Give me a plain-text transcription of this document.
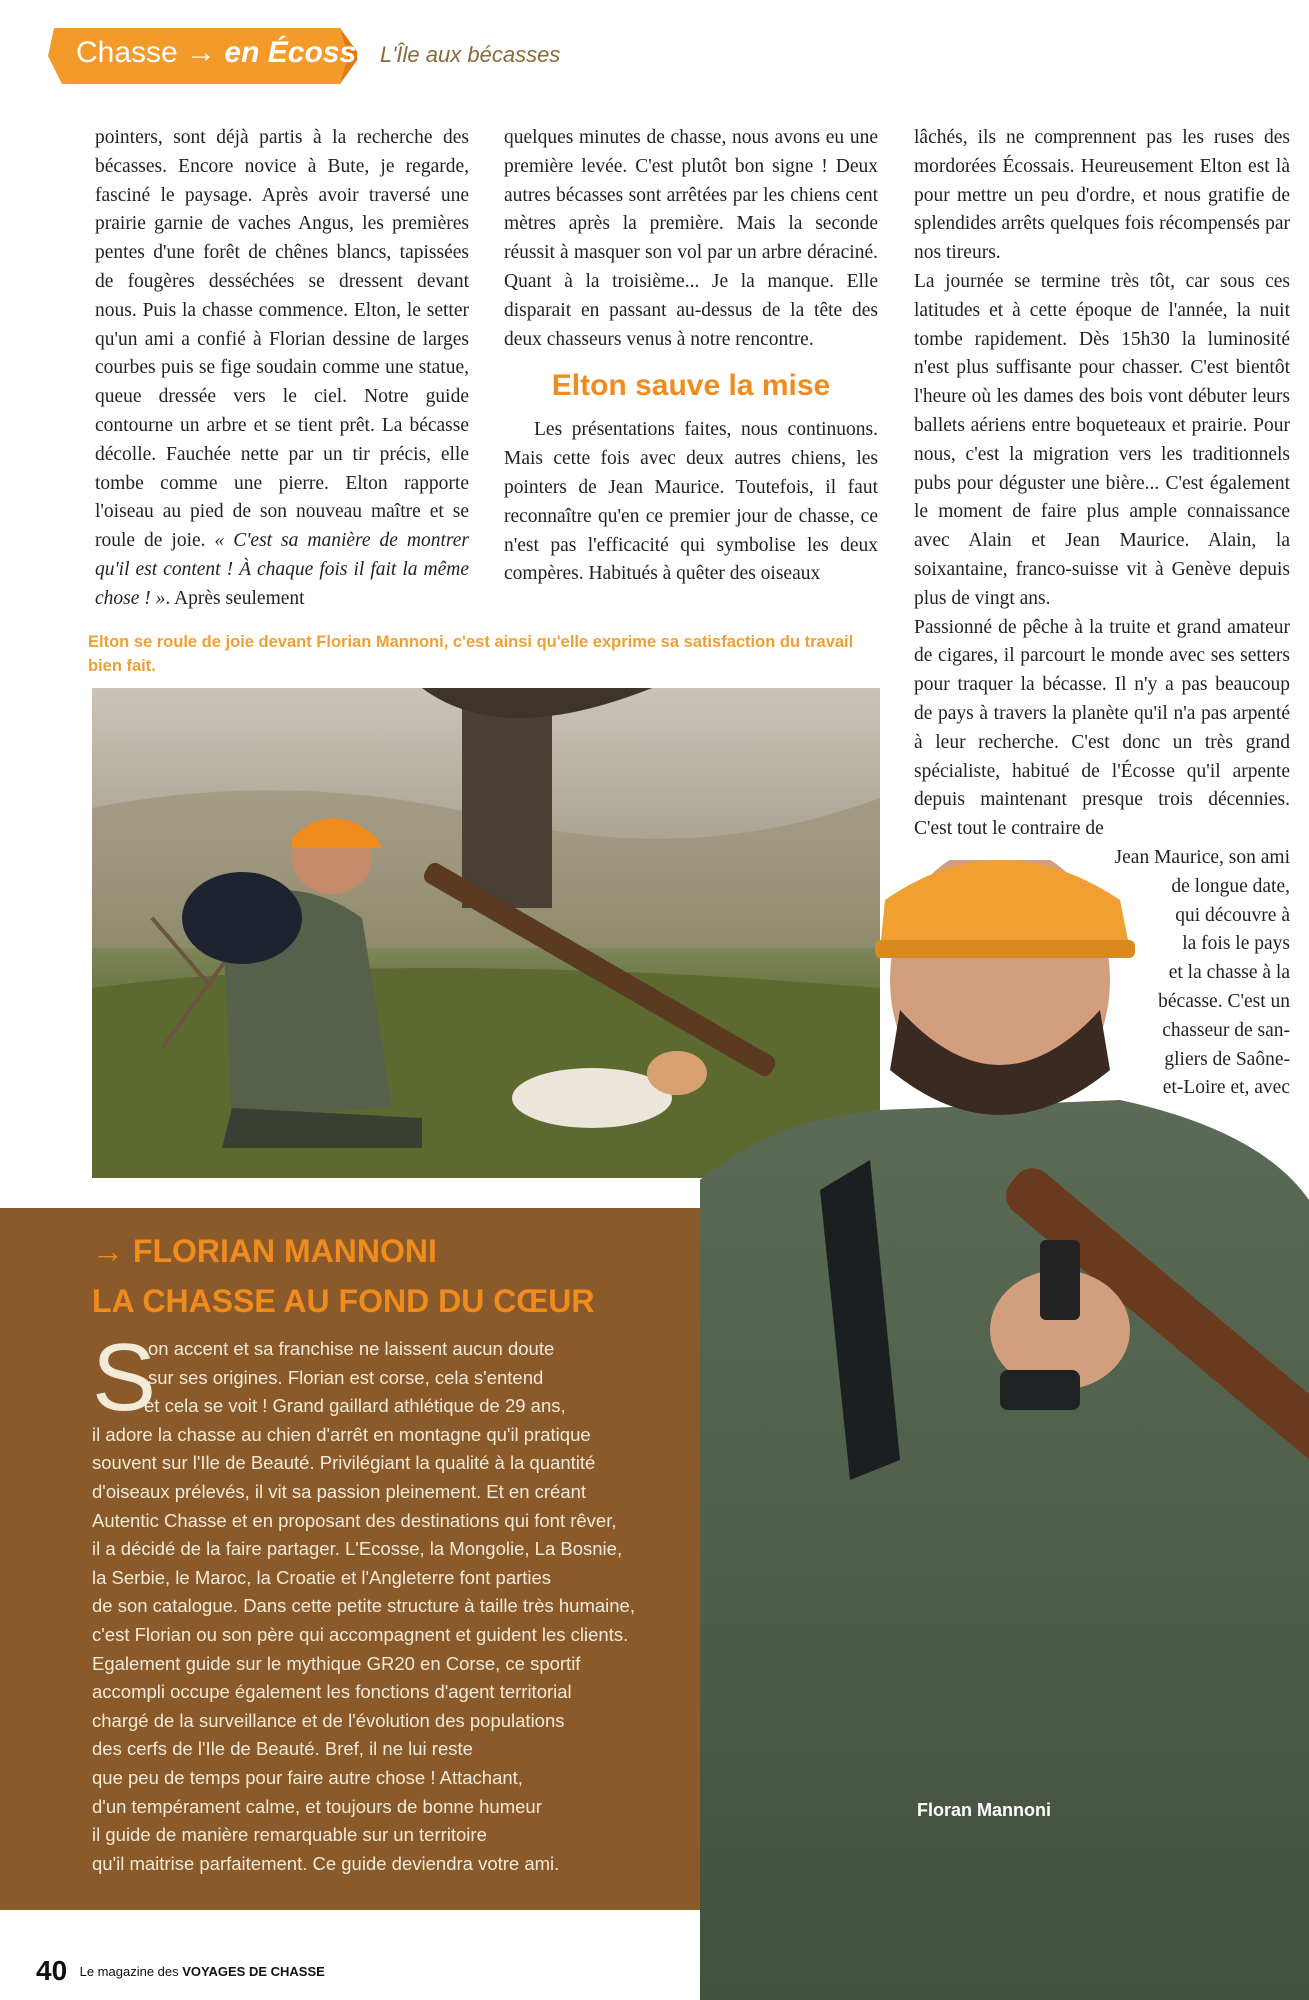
Chasse → en Écosse L'Île aux bécasses

pointers, sont déjà partis à la recherche des bécasses. Encore novice à Bute, je regarde, fasciné le paysage. Après avoir traversé une prairie garnie de vaches Angus, les premières pentes d'une forêt de chênes blancs, tapissées de fougères desséchées se dressent devant nous. Puis la chasse commence. Elton, le setter qu'un ami a confié à Florian dessine de larges courbes puis se fige soudain comme une statue, queue dressée vers le ciel. Notre guide contourne un arbre et se tient prêt. La bécasse décolle. Fauchée nette par un tir précis, elle tombe comme une pierre. Elton rapporte l'oiseau au pied de son nouveau maître et se roule de joie. « C'est sa manière de montrer qu'il est content ! À chaque fois il fait la même chose ! ». Après seulement

quelques minutes de chasse, nous avons eu une première levée. C'est plutôt bon signe ! Deux autres bécasses sont arrêtées par les chiens cent mètres après la première. Mais la seconde réussit à masquer son vol par un arbre déraciné. Quant à la troisième... Je la manque. Elle disparait en passant au-dessus de la tête des deux chasseurs venus à notre rencontre.

Elton sauve la mise

Les présentations faites, nous continuons. Mais cette fois avec deux autres chiens, les pointers de Jean Maurice. Toutefois, il faut reconnaître qu'en ce premier jour de chasse, ce n'est pas l'efficacité qui symbolise les deux compères. Habitués à quêter des oiseaux

lâchés, ils ne comprennent pas les ruses des mordorées Écossais. Heureusement Elton est là pour mettre un peu d'ordre, et nous gratifie de splendides arrêts quelques fois récompensés par nos tireurs.

La journée se termine très tôt, car sous ces latitudes et à cette époque de l'année, la nuit tombe rapidement. Dès 15h30 la luminosité n'est plus suffisante pour chasser. C'est bientôt l'heure où les dames des bois vont débuter leurs ballets aériens entre boqueteaux et prairie. Pour nous, c'est la migration vers les traditionnels pubs pour déguster une bière... C'est également le moment de faire plus ample connaissance avec Alain et Jean Maurice. Alain, la soixantaine, franco-suisse vit à Genève depuis plus de vingt ans.

Passionné de pêche à la truite et grand amateur de cigares, il parcourt le monde avec ses setters pour traquer la bécasse. Il n'y a pas beaucoup de pays à travers la planète qu'il n'a pas arpenté à leur recherche. C'est donc un très grand spécialiste, habitué de l'Écosse qu'il arpente depuis maintenant presque trois décennies. C'est tout le contraire de

Jean Maurice, son ami
de longue date,
qui découvre à
la fois le pays
et la chasse à la
bécasse. C'est un
chasseur de san-
gliers de Saône-
et-Loire et, avec
Elton se roule de joie devant Florian Mannoni, c'est ainsi qu'elle exprime sa satisfaction du travail bien fait.
→ FLORIAN MANNONI
LA CHASSE AU FOND DU CŒUR
S
on accent et sa franchise ne laissent aucun doute
sur ses origines. Florian est corse, cela s'entend
et cela se voit ! Grand gaillard athlétique de 29 ans,
il adore la chasse au chien d'arrêt en montagne qu'il pratique
souvent sur l'Ile de Beauté. Privilégiant la qualité à la quantité
d'oiseaux prélevés, il vit sa passion pleinement. Et en créant
Autentic Chasse et en proposant des destinations qui font rêver,
il a décidé de la faire partager. L'Ecosse, la Mongolie, La Bosnie,
la Serbie, le Maroc, la Croatie et l'Angleterre font parties
de son catalogue. Dans cette petite structure à taille très humaine,
c'est Florian ou son père qui accompagnent et guident les clients.
Egalement guide sur le mythique GR20 en Corse, ce sportif
accompli occupe également les fonctions d'agent territorial
chargé de la surveillance et de l'évolution des populations
des cerfs de l'Ile de Beauté. Bref, il ne lui reste
que peu de temps pour faire autre chose ! Attachant,
d'un tempérament calme, et toujours de bonne humeur
il guide de manière remarquable sur un territoire
qu'il maitrise parfaitement. Ce guide deviendra votre ami.
Floran Mannoni
40 Le magazine des VOYAGES DE CHASSE
